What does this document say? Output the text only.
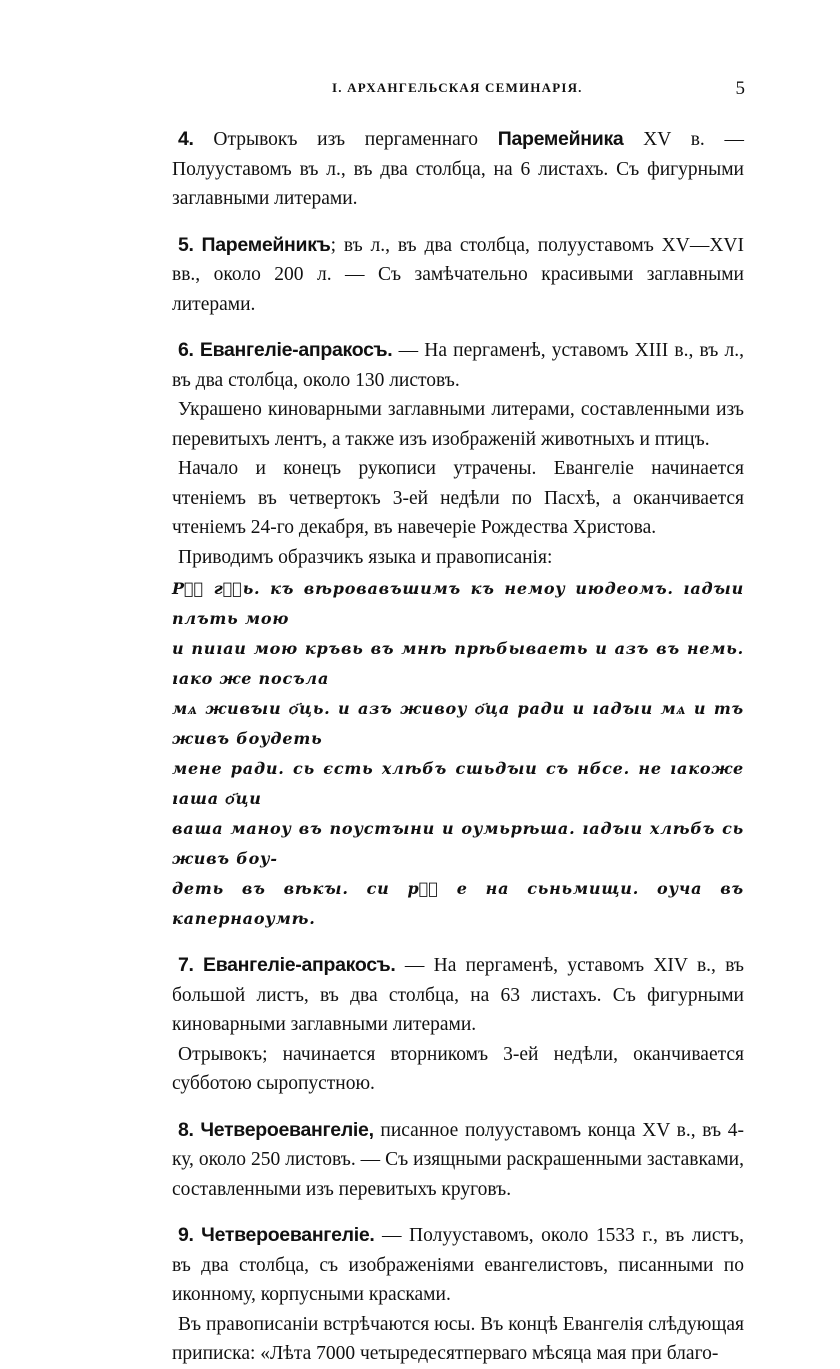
I. АРХАНГЕЛЬСКАЯ СЕМИНАРІЯ.	5

4. Отрывокъ изъ пергаменнаго Паремейника XV в. — Полууставомъ въ л., въ два столбца, на 6 листахъ. Съ фигурными заглавными литерами.

5. Паремейникъ; въ л., въ два столбца, полууставомъ XV—XVI вв., около 200 л. — Съ замѣчательно красивыми заглавными литерами.

6. Евангеліе-апракосъ. — На пергаменѣ, уставомъ XIII в., въ л., въ два столбца, около 130 листовъ.

Украшено киноварными заглавными литерами, составленными изъ перевитыхъ лентъ, а также изъ изображеній животныхъ и птицъ.

Начало и конецъ рукописи утрачены. Евангеліе начинается чтеніемъ въ четвертокъ 3-ей недѣли по Пасхѣ, а оканчивается чтеніемъ 24-го декабря, въ навечеріе Рождества Христова.

Приводимъ образчикъ языка и правописанія:

Рⷨ҇ гⷭ҇ь. къ вѣровавъшимъ къ немоу июдеомъ. ıадꙑи плъть мою
и пиıаи мою кръвь въ мнѣ прѣбываеть и азъ въ немь. ıако же посъла
мѧ живꙑи ѻ҃ць. и азъ живоу ѻ҃ца ради и ıадꙑи мѧ и тъ живъ боудеть
мене ради. сь єсть хлѣбъ сшьдꙑи съ нбсе. не ıакоже ıаша ѻ҃ци
ваша маноу въ поустꙑни и оумьрѣша. ıадꙑи хлѣбъ сь живъ боу-
деть въ вѣкꙑ. си рⷱ҇ е на сьньмищи. оуча въ капернаоумѣ.

7. Евангеліе-апракосъ. — На пергаменѣ, уставомъ XIV в., въ большой листъ, въ два столбца, на 63 листахъ. Съ фигурными киноварными заглавными литерами.

Отрывокъ; начинается вторникомъ 3-ей недѣли, оканчивается субботою сыропустною.

8. Четвероевангеліе, писанное полууставомъ конца XV в., въ 4-ку, около 250 листовъ. — Съ изящными раскрашенными заставками, составленными изъ перевитыхъ круговъ.

9. Четвероевангеліе. — Полууставомъ, около 1533 г., въ листъ, въ два столбца, съ изображеніями евангелистовъ, писанными по иконному, корпусными красками.

Въ правописаніи встрѣчаются юсы. Въ концѣ Евангелія слѣдующая приписка: «Лѣта 7000 четыредесятперваго мѣсяца мая при благо-
